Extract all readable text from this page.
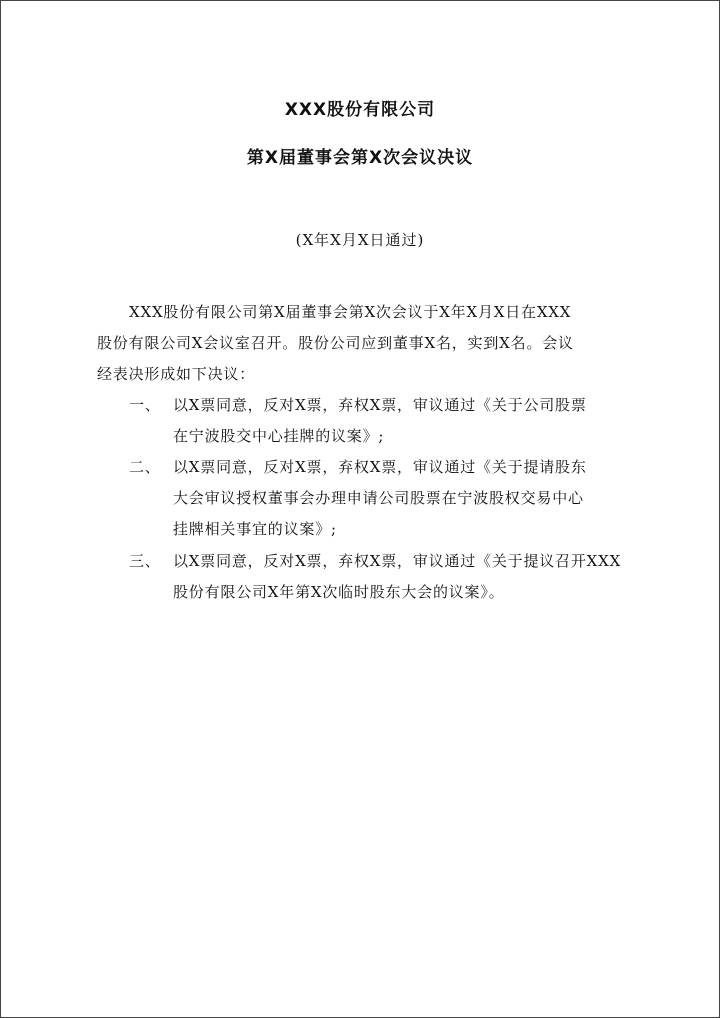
XXX股份有限公司
第X届董事会第X次会议决议
(X年X月X日通过)
XXX股份有限公司第X届董事会第X次会议于X年X月X日在XXX
股份有限公司X会议室召开。股份公司应到董事X名，实到X名。会议
经表决形成如下决议：
一、 以X票同意，反对X票，弃权X票，审议通过《关于公司股票
在宁波股交中心挂牌的议案》;
二、 以X票同意，反对X票，弃权X票，审议通过《关于提请股东
大会审议授权董事会办理申请公司股票在宁波股权交易中心
挂牌相关事宜的议案》;
三、 以X票同意，反对X票，弃权X票，审议通过《关于提议召开XXX
股份有限公司X年第X次临时股东大会的议案》。
